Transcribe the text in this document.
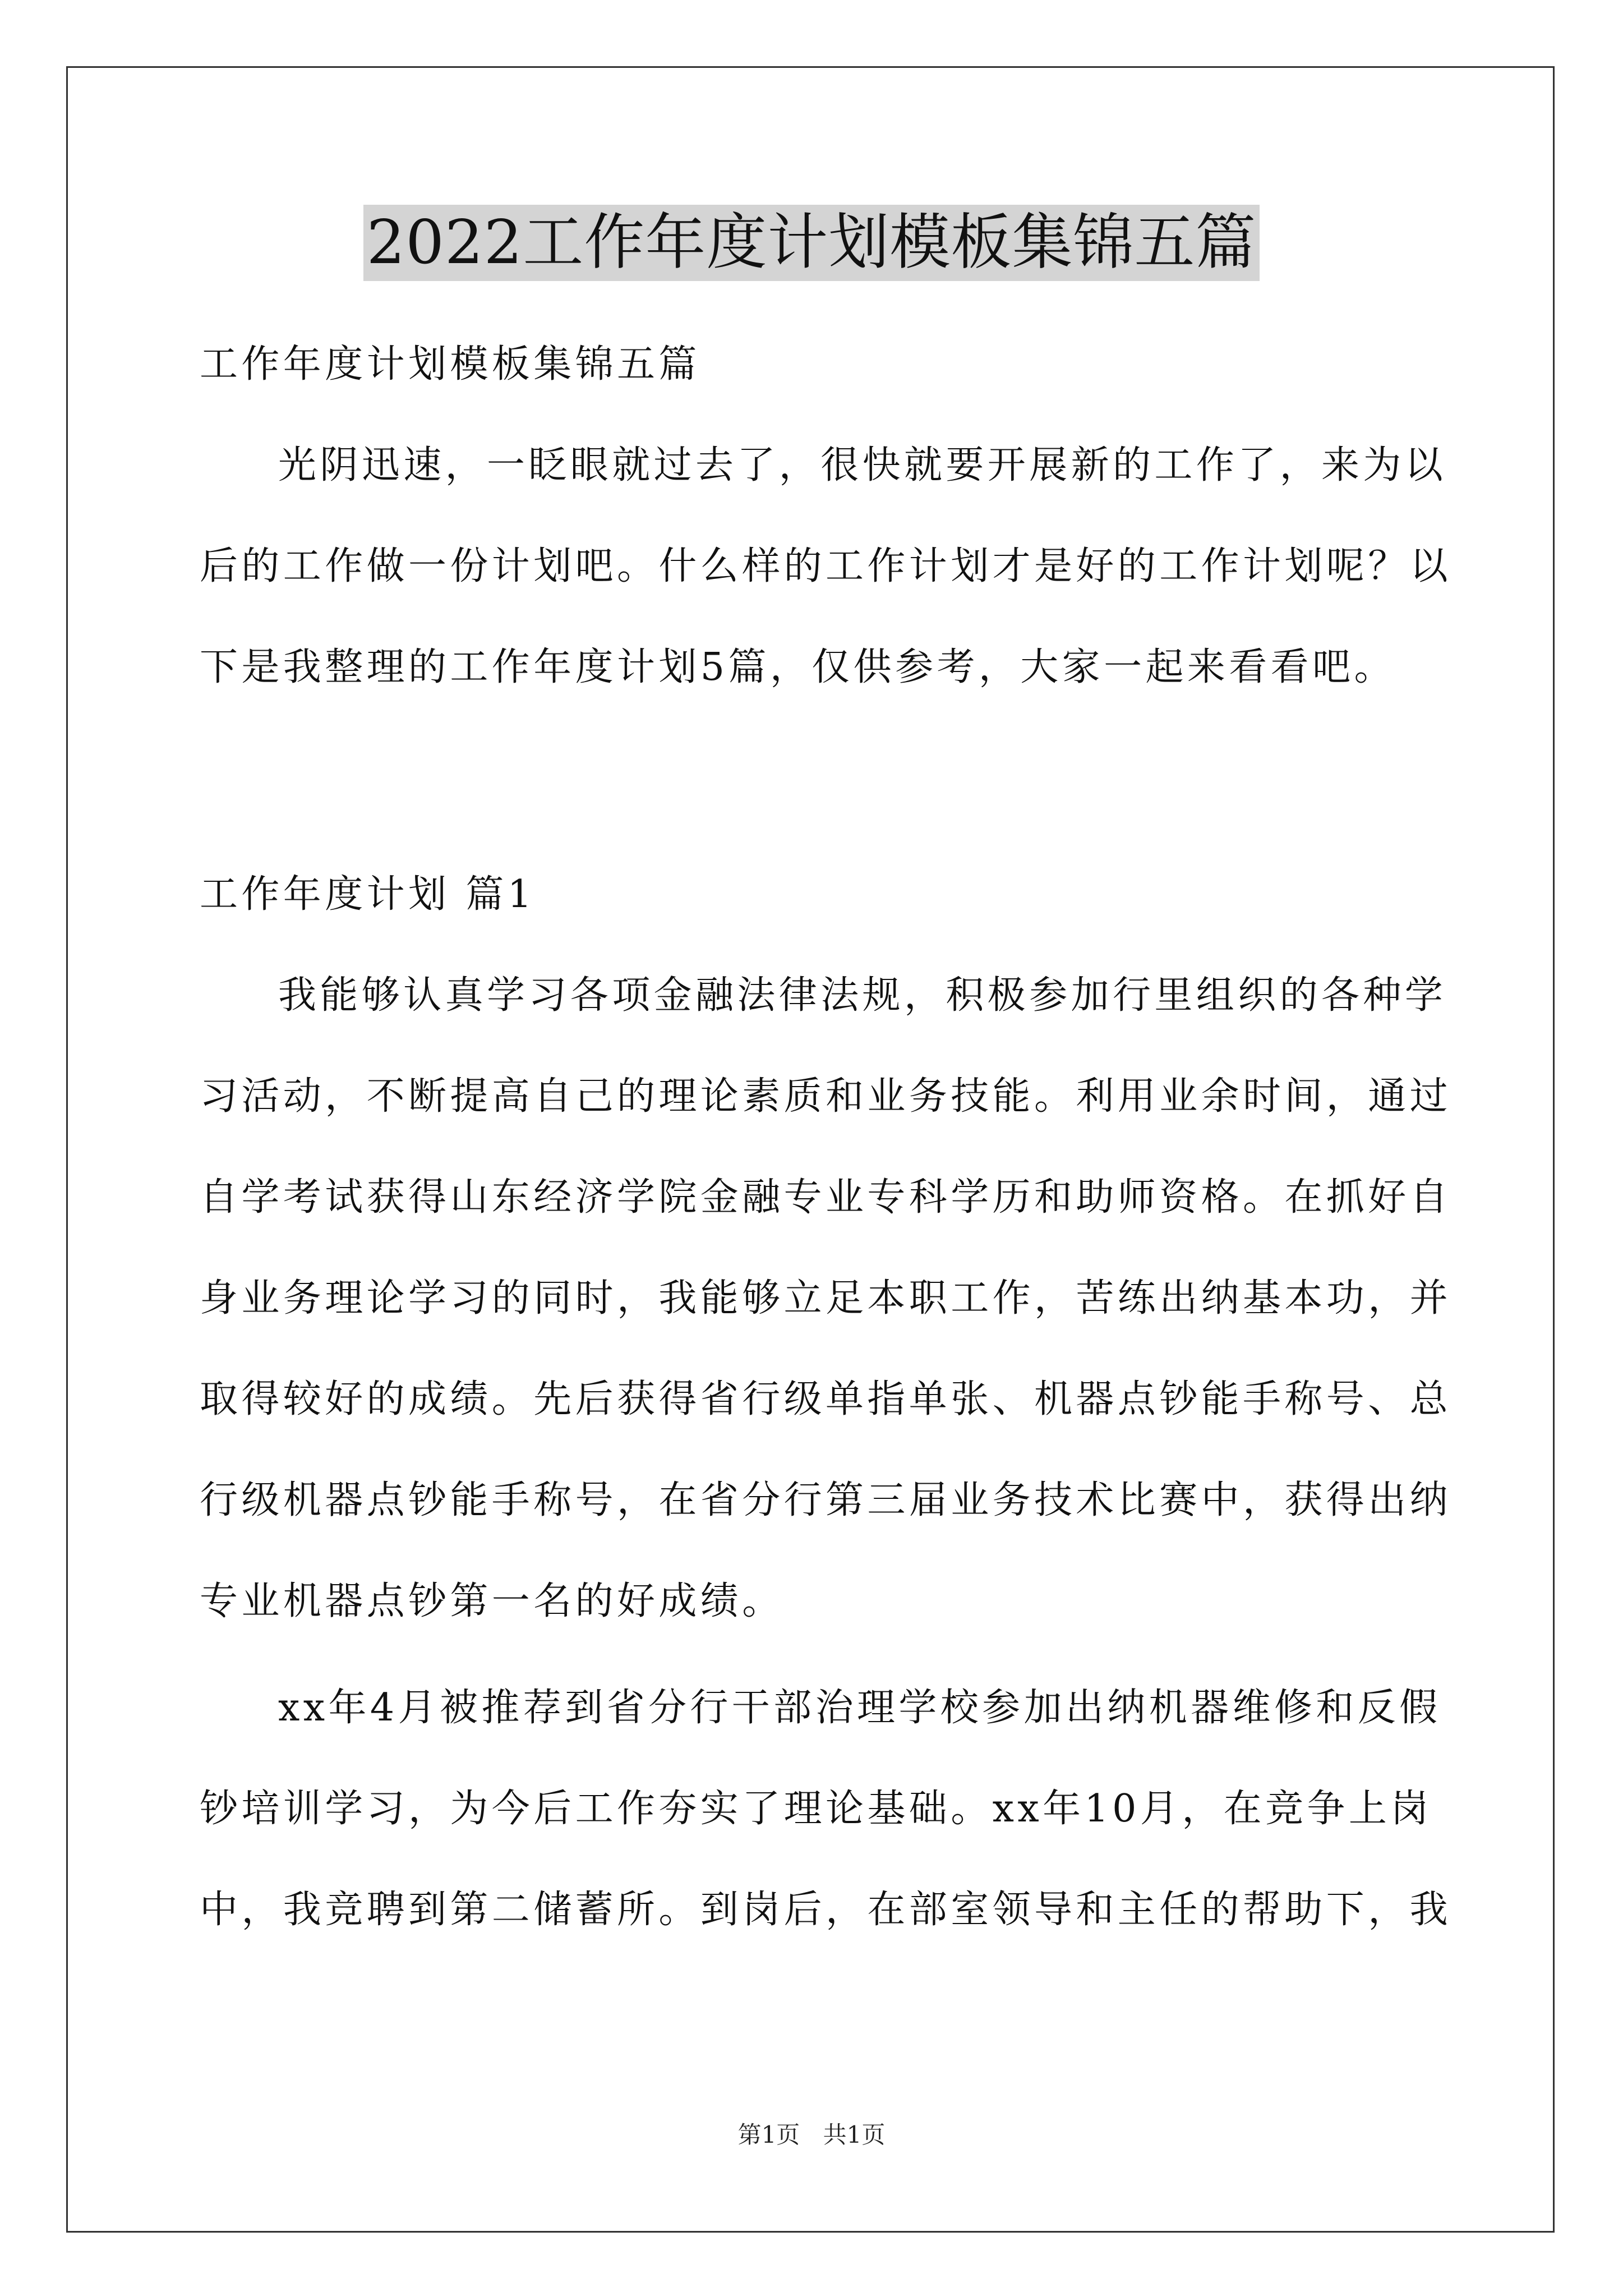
2022工作年度计划模板集锦五篇
工作年度计划模板集锦五篇
光阴迅速，一眨眼就过去了，很快就要开展新的工作了，来为以
后的工作做一份计划吧。什么样的工作计划才是好的工作计划呢？以
下是我整理的工作年度计划5篇，仅供参考，大家一起来看看吧。
工作年度计划 篇1
我能够认真学习各项金融法律法规，积极参加行里组织的各种学
习活动，不断提高自己的理论素质和业务技能。利用业余时间，通过
自学考试获得山东经济学院金融专业专科学历和助师资格。在抓好自
身业务理论学习的同时，我能够立足本职工作，苦练出纳基本功，并
取得较好的成绩。先后获得省行级单指单张、机器点钞能手称号、总
行级机器点钞能手称号，在省分行第三届业务技术比赛中，获得出纳
专业机器点钞第一名的好成绩。
xx年4月被推荐到省分行干部治理学校参加出纳机器维修和反假
钞培训学习，为今后工作夯实了理论基础。xx年10月，在竞争上岗
中，我竞聘到第二储蓄所。到岗后，在部室领导和主任的帮助下，我
第1页 共1页
